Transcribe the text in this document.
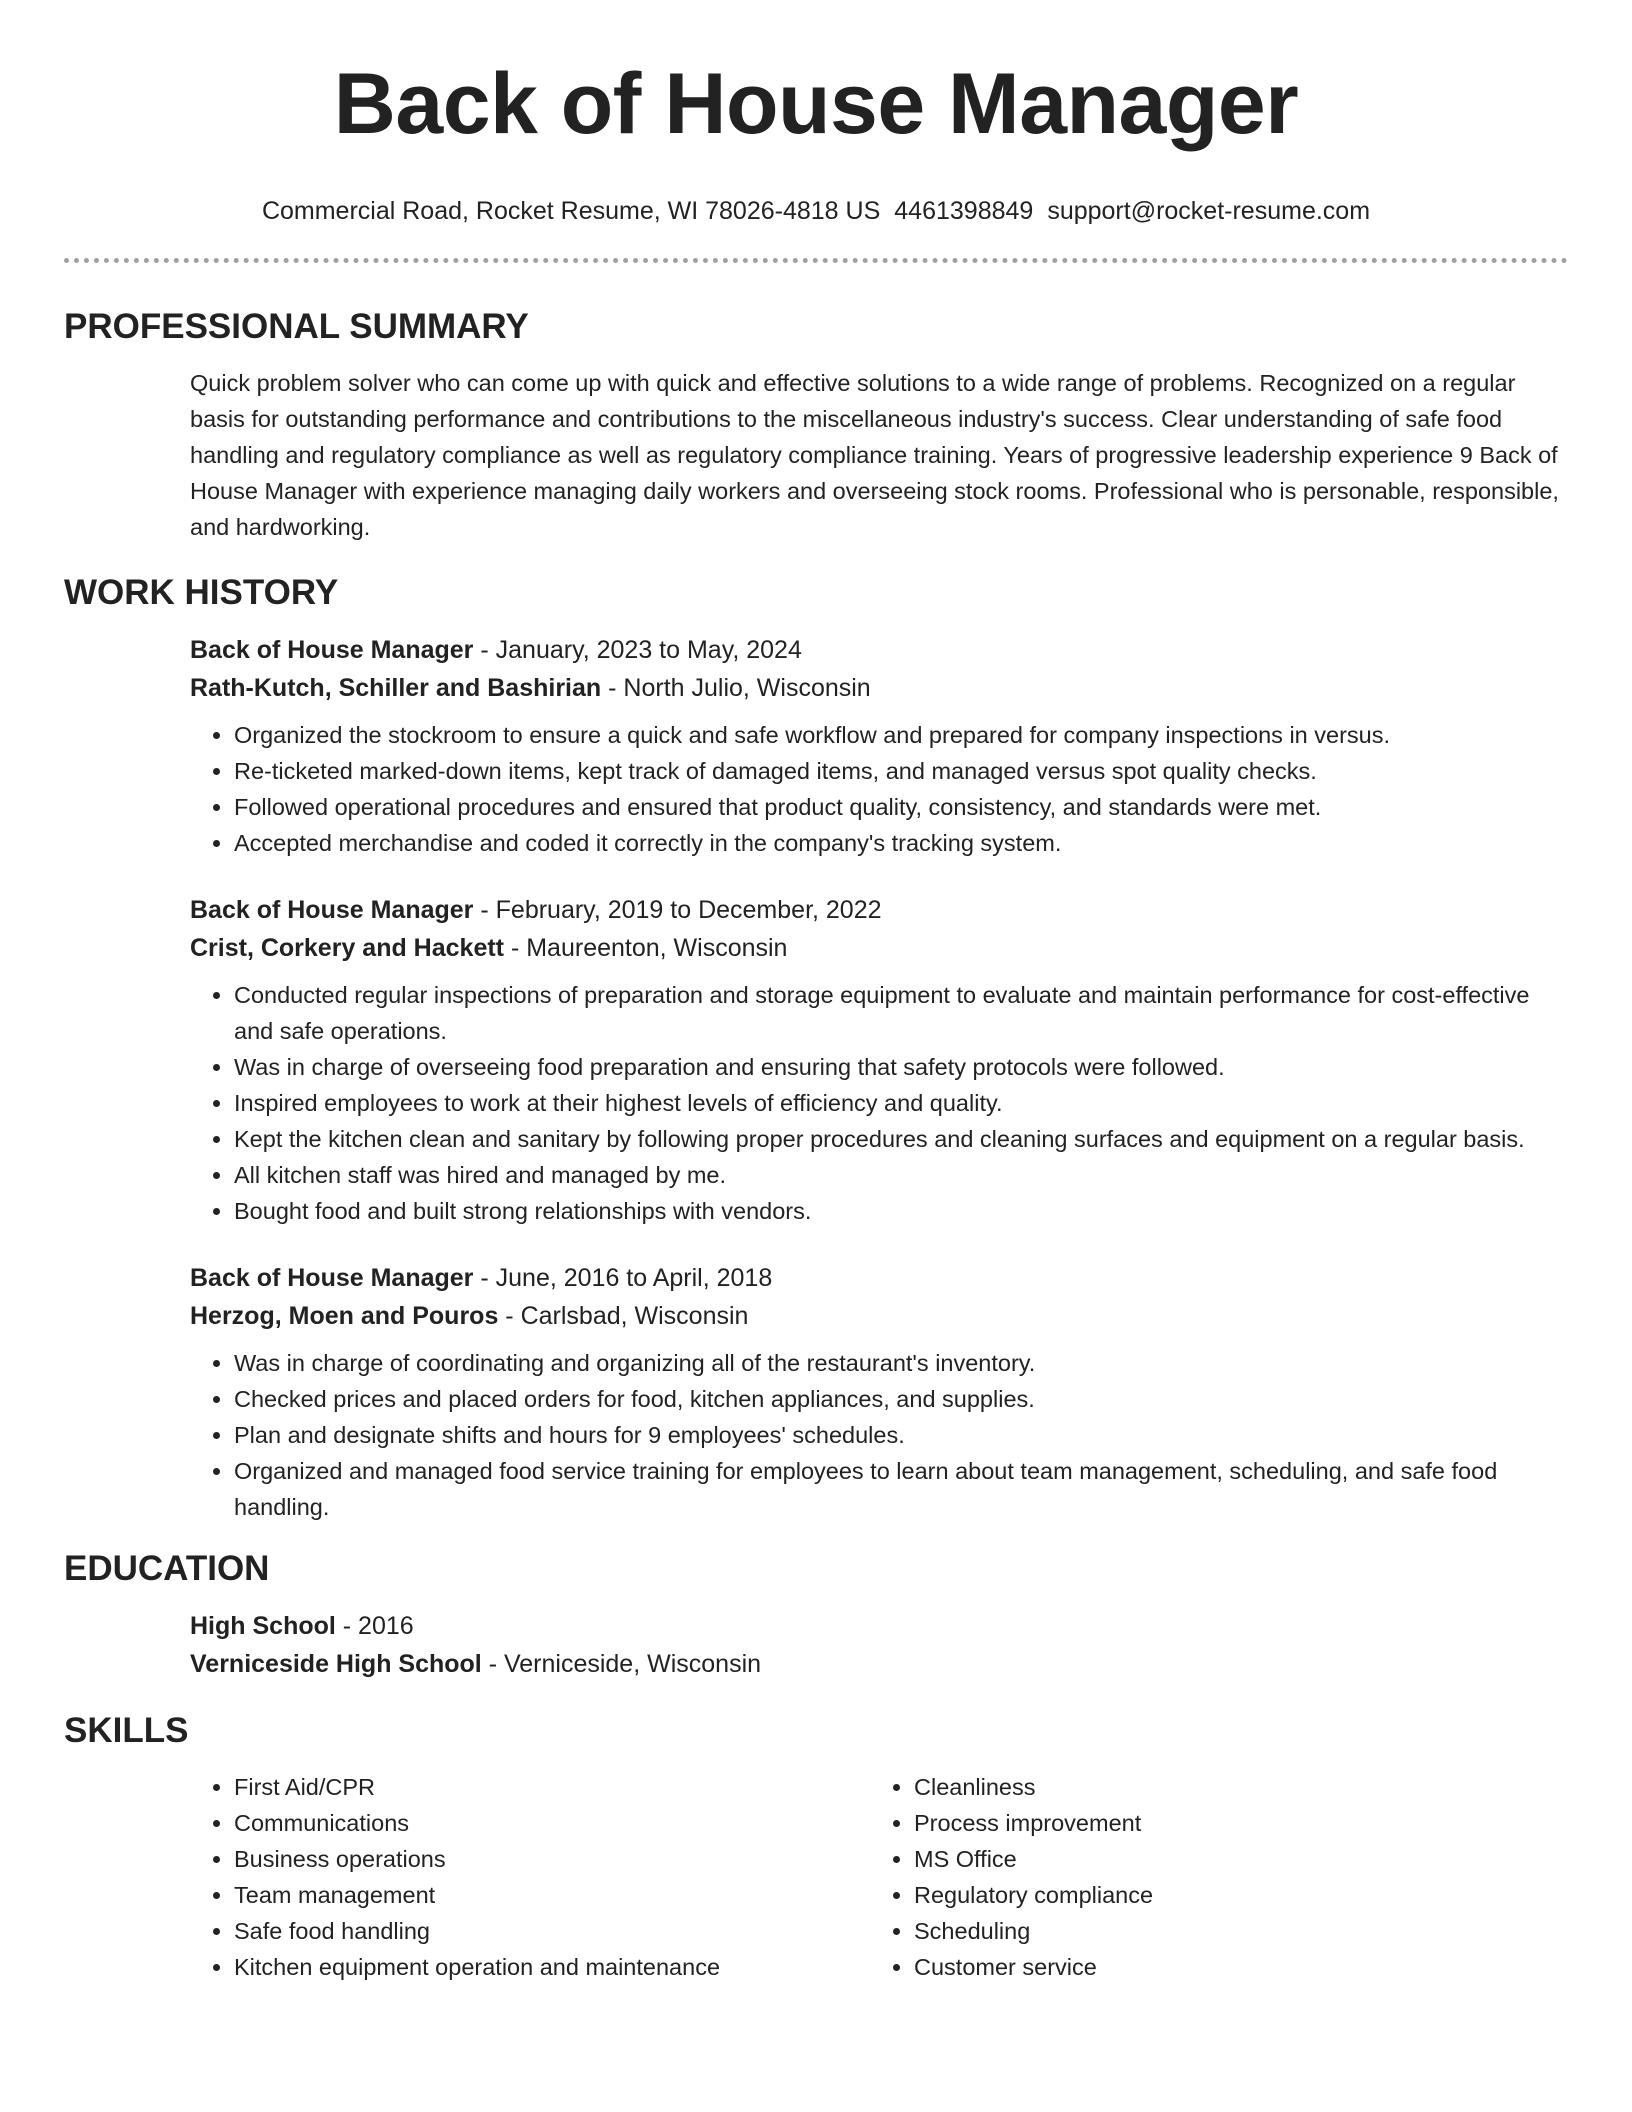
Back of House Manager
Commercial Road, Rocket Resume, WI 78026-4818 US 4461398849 support@rocket-resume.com
PROFESSIONAL SUMMARY

Quick problem solver who can come up with quick and effective solutions to a wide range of problems. Recognized on a regular basis for outstanding performance and contributions to the miscellaneous industry's success. Clear understanding of safe food handling and regulatory compliance as well as regulatory compliance training. Years of progressive leadership experience 9 Back of House Manager with experience managing daily workers and overseeing stock rooms. Professional who is personable, responsible, and hardworking.

WORK HISTORY
Back of House Manager - January, 2023 to May, 2024
Rath-Kutch, Schiller and Bashirian - North Julio, Wisconsin
• Organized the stockroom to ensure a quick and safe workflow and prepared for company inspections in versus.
• Re-ticketed marked-down items, kept track of damaged items, and managed versus spot quality checks.
• Followed operational procedures and ensured that product quality, consistency, and standards were met.
• Accepted merchandise and coded it correctly in the company's tracking system.
Back of House Manager - February, 2019 to December, 2022
Crist, Corkery and Hackett - Maureenton, Wisconsin
• Conducted regular inspections of preparation and storage equipment to evaluate and maintain performance for cost-effective and safe operations.
• Was in charge of overseeing food preparation and ensuring that safety protocols were followed.
• Inspired employees to work at their highest levels of efficiency and quality.
• Kept the kitchen clean and sanitary by following proper procedures and cleaning surfaces and equipment on a regular basis.
• All kitchen staff was hired and managed by me.
• Bought food and built strong relationships with vendors.
Back of House Manager - June, 2016 to April, 2018
Herzog, Moen and Pouros - Carlsbad, Wisconsin
• Was in charge of coordinating and organizing all of the restaurant's inventory.
• Checked prices and placed orders for food, kitchen appliances, and supplies.
• Plan and designate shifts and hours for 9 employees' schedules.
• Organized and managed food service training for employees to learn about team management, scheduling, and safe food handling.
EDUCATION
High School - 2016
Verniceside High School - Verniceside, Wisconsin
SKILLS
• First Aid/CPR
• Communications
• Business operations
• Team management
• Safe food handling
• Kitchen equipment operation and maintenance
• Cleanliness
• Process improvement
• MS Office
• Regulatory compliance
• Scheduling
• Customer service
